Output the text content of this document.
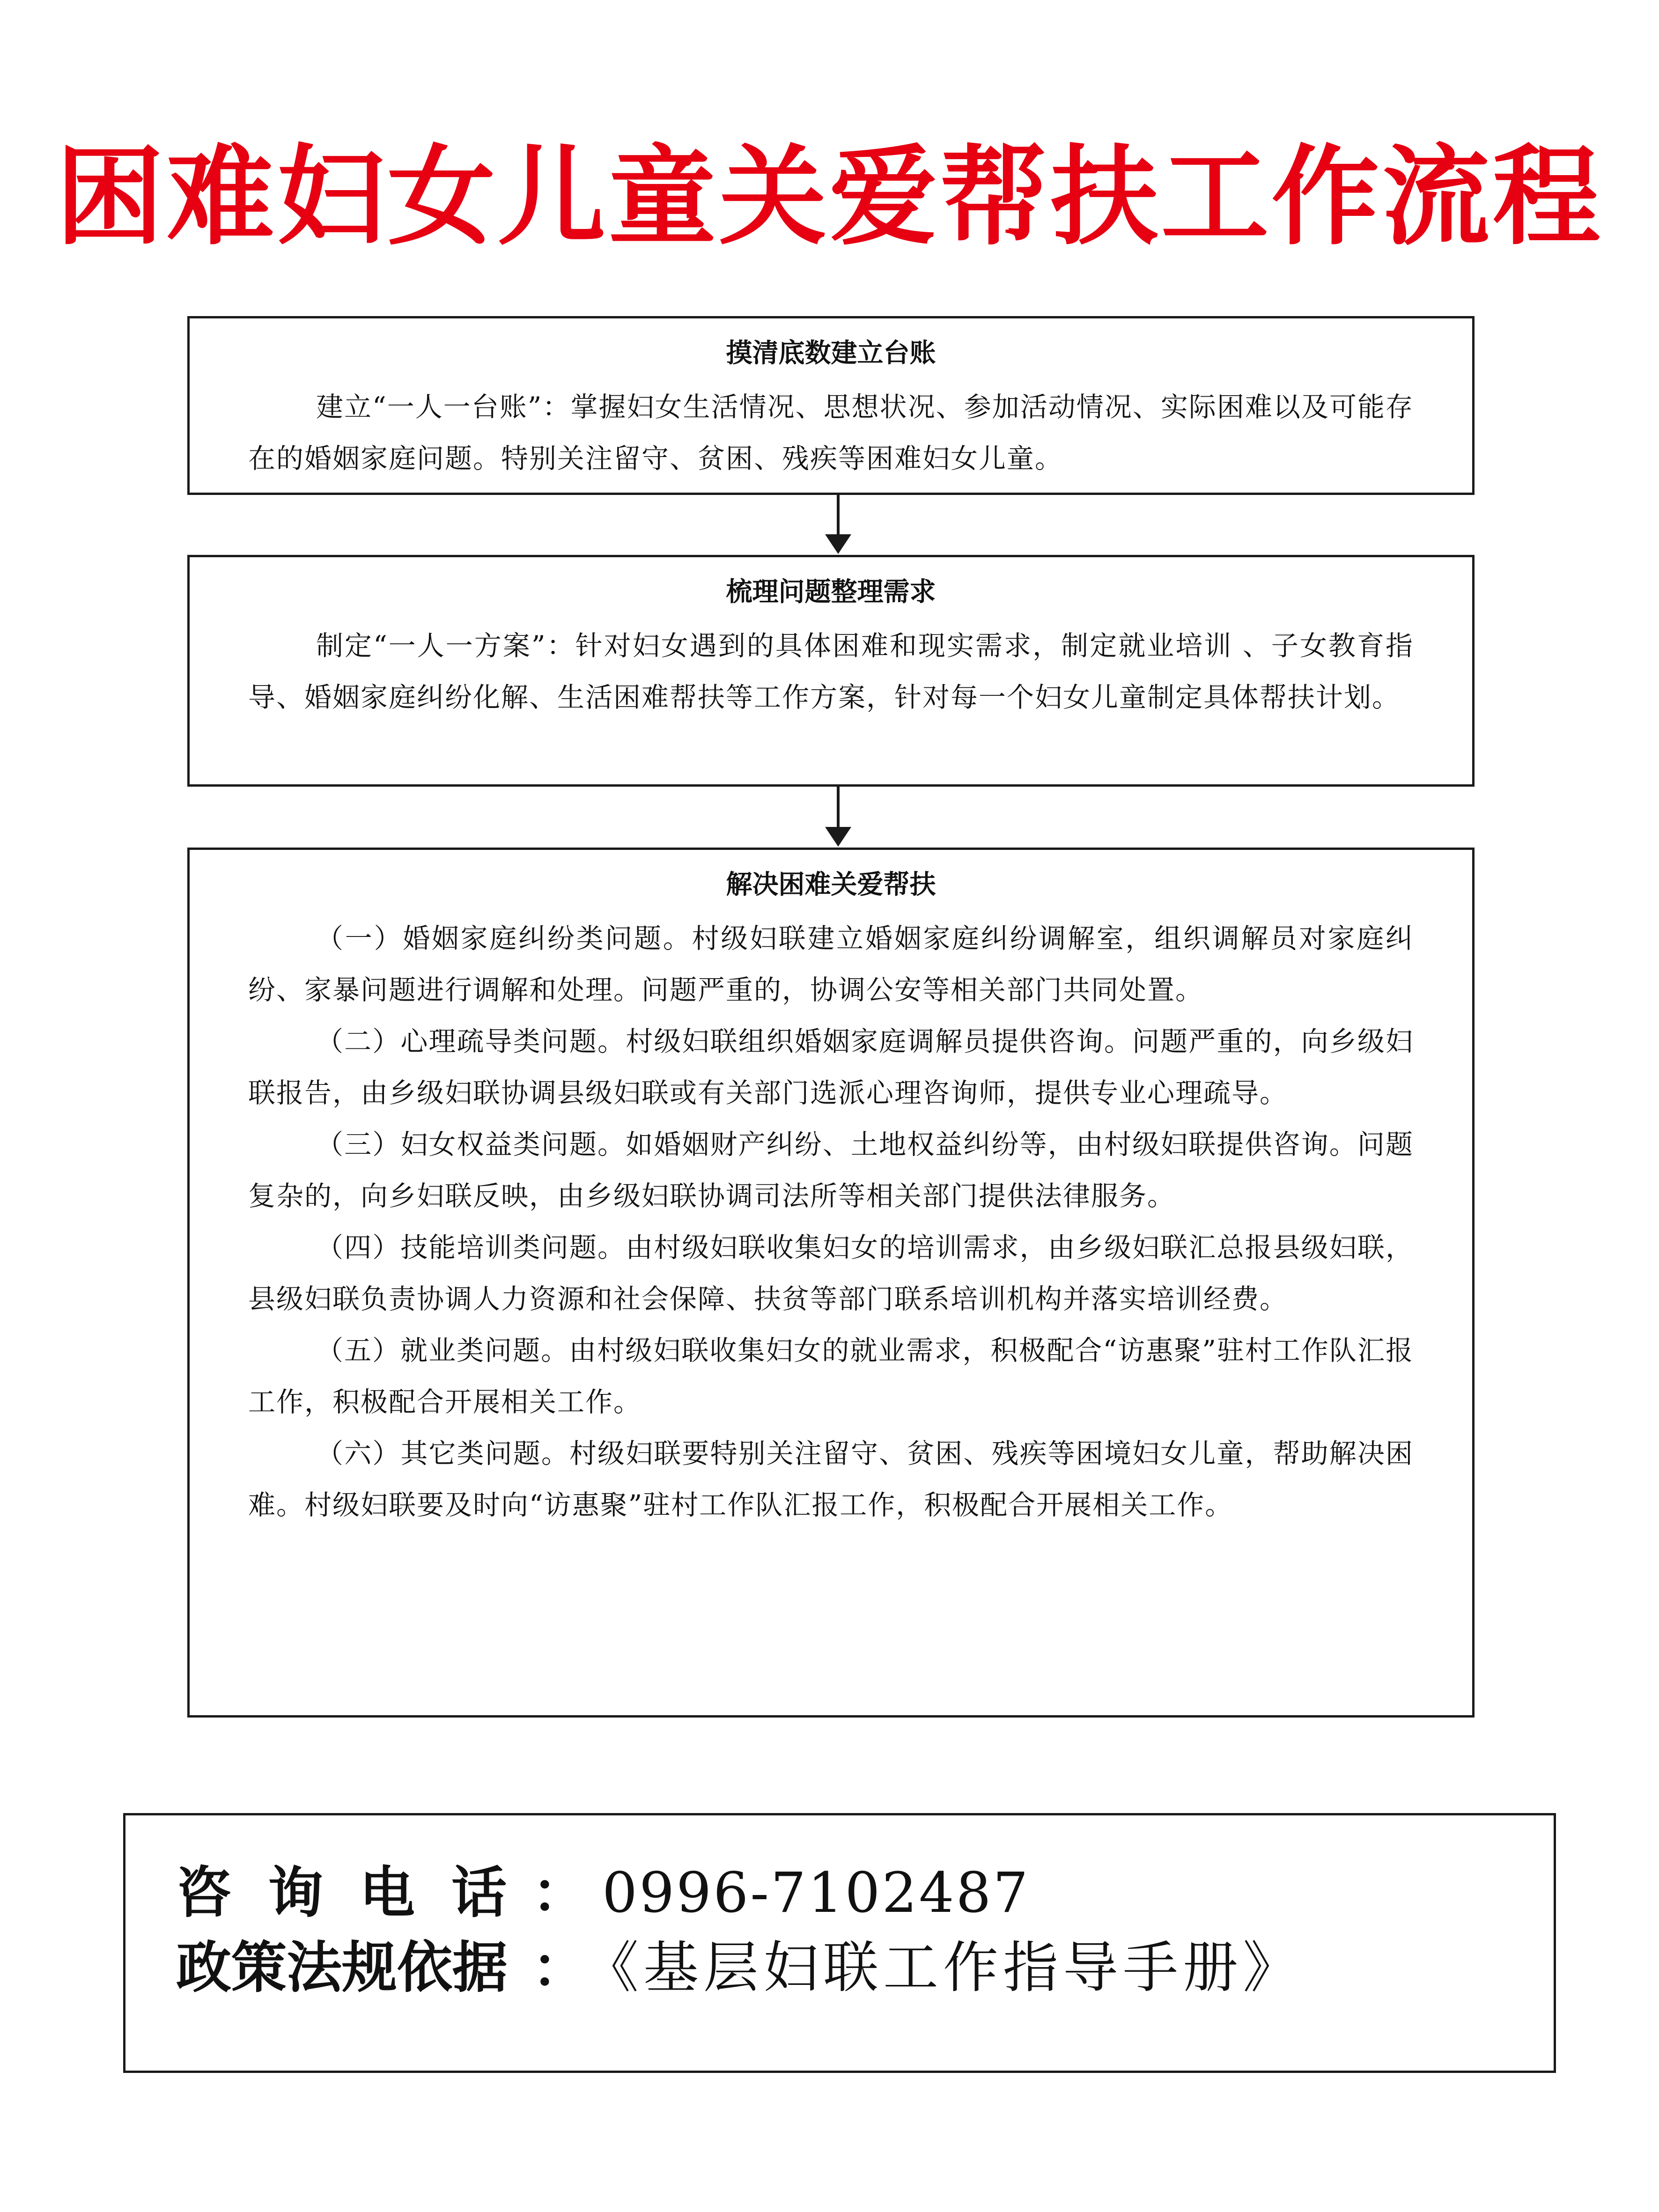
困难妇女儿童关爱帮扶工作流程
摸清底数建立台账

建立“一人一台账”：掌握妇女生活情况、思想状况、参加活动情况、实际困难以及可能存在的婚姻家庭问题。特别关注留守、贫困、残疾等困难妇女儿童。

梳理问题整理需求

制定“一人一方案”：针对妇女遇到的具体困难和现实需求，制定就业培训 、子女教育指导、婚姻家庭纠纷化解、生活困难帮扶等工作方案，针对每一个妇女儿童制定具体帮扶计划。

解决困难关爱帮扶

（一）婚姻家庭纠纷类问题。村级妇联建立婚姻家庭纠纷调解室，组织调解员对家庭纠纷、家暴问题进行调解和处理。问题严重的，协调公安等相关部门共同处置。

（二）心理疏导类问题。村级妇联组织婚姻家庭调解员提供咨询。问题严重的，向乡级妇联报告，由乡级妇联协调县级妇联或有关部门选派心理咨询师，提供专业心理疏导。

（三）妇女权益类问题。如婚姻财产纠纷、土地权益纠纷等，由村级妇联提供咨询。问题复杂的，向乡妇联反映，由乡级妇联协调司法所等相关部门提供法律服务。

（四）技能培训类问题。由村级妇联收集妇女的培训需求，由乡级妇联汇总报县级妇联，县级妇联负责协调人力资源和社会保障、扶贫等部门联系培训机构并落实培训经费。

（五）就业类问题。由村级妇联收集妇女的就业需求，积极配合“访惠聚”驻村工作队汇报工作，积极配合开展相关工作。

（六）其它类问题。村级妇联要特别关注留守、贫困、残疾等困境妇女儿童，帮助解决困难。村级妇联要及时向“访惠聚”驻村工作队汇报工作，积极配合开展相关工作。

咨询电话
： 0996-7102487
政策法规依据 ：
《基层妇联工作指导手册》
